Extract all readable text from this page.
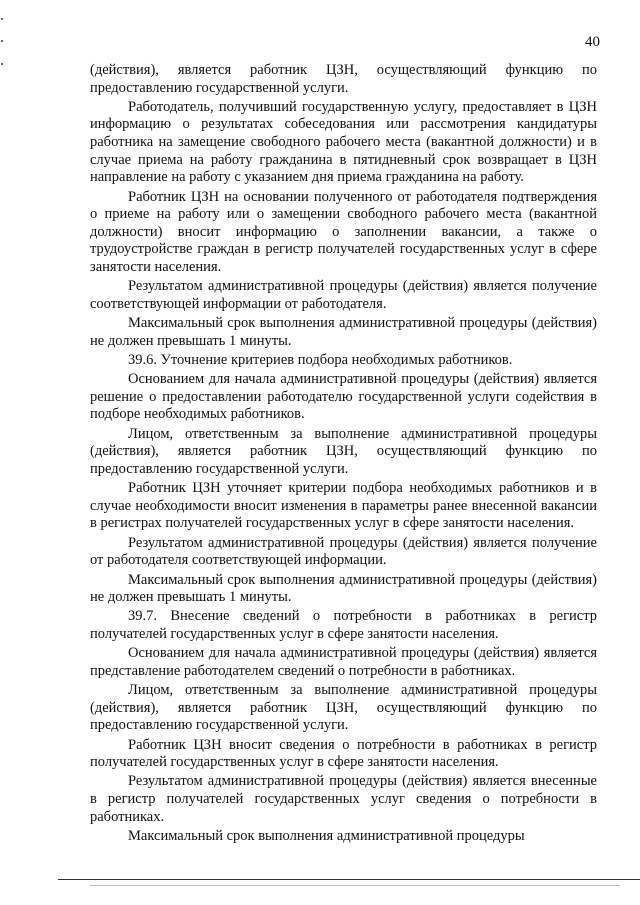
40

(действия), является работник ЦЗН, осуществляющий функцию по предоставлению государственной услуги.

Работодатель, получивший государственную услугу, предоставляет в ЦЗН информацию о результатах собеседования или рассмотрения кандидатуры работника на замещение свободного рабочего места (вакантной должности) и в случае приема на работу гражданина в пятидневный срок возвращает в ЦЗН направление на работу с указанием дня приема гражданина на работу.

Работник ЦЗН на основании полученного от работодателя подтверждения о приеме на работу или о замещении свободного рабочего места (вакантной должности) вносит информацию о заполнении вакансии, а также о трудоустройстве граждан в регистр получателей государственных услуг в сфере занятости населения.

Результатом административной процедуры (действия) является получение соответствующей информации от работодателя.

Максимальный срок выполнения административной процедуры (действия) не должен превышать 1 минуты.

39.6. Уточнение критериев подбора необходимых работников.

Основанием для начала административной процедуры (действия) является решение о предоставлении работодателю государственной услуги содействия в подборе необходимых работников.

Лицом, ответственным за выполнение административной процедуры (действия), является работник ЦЗН, осуществляющий функцию по предоставлению государственной услуги.

Работник ЦЗН уточняет критерии подбора необходимых работников и в случае необходимости вносит изменения в параметры ранее внесенной вакансии в регистрах получателей государственных услуг в сфере занятости населения.

Результатом административной процедуры (действия) является получение от работодателя соответствующей информации.

Максимальный срок выполнения административной процедуры (действия) не должен превышать 1 минуты.

39.7. Внесение сведений о потребности в работниках в регистр получателей государственных услуг в сфере занятости населения.

Основанием для начала административной процедуры (действия) является представление работодателем сведений о потребности в работниках.

Лицом, ответственным за выполнение административной процедуры (действия), является работник ЦЗН, осуществляющий функцию по предоставлению государственной услуги.

Работник ЦЗН вносит сведения о потребности в работниках в регистр получателей государственных услуг в сфере занятости населения.

Результатом административной процедуры (действия) является внесенные в регистр получателей государственных услуг сведения о потребности в работниках.

Максимальный срок выполнения административной процедуры
